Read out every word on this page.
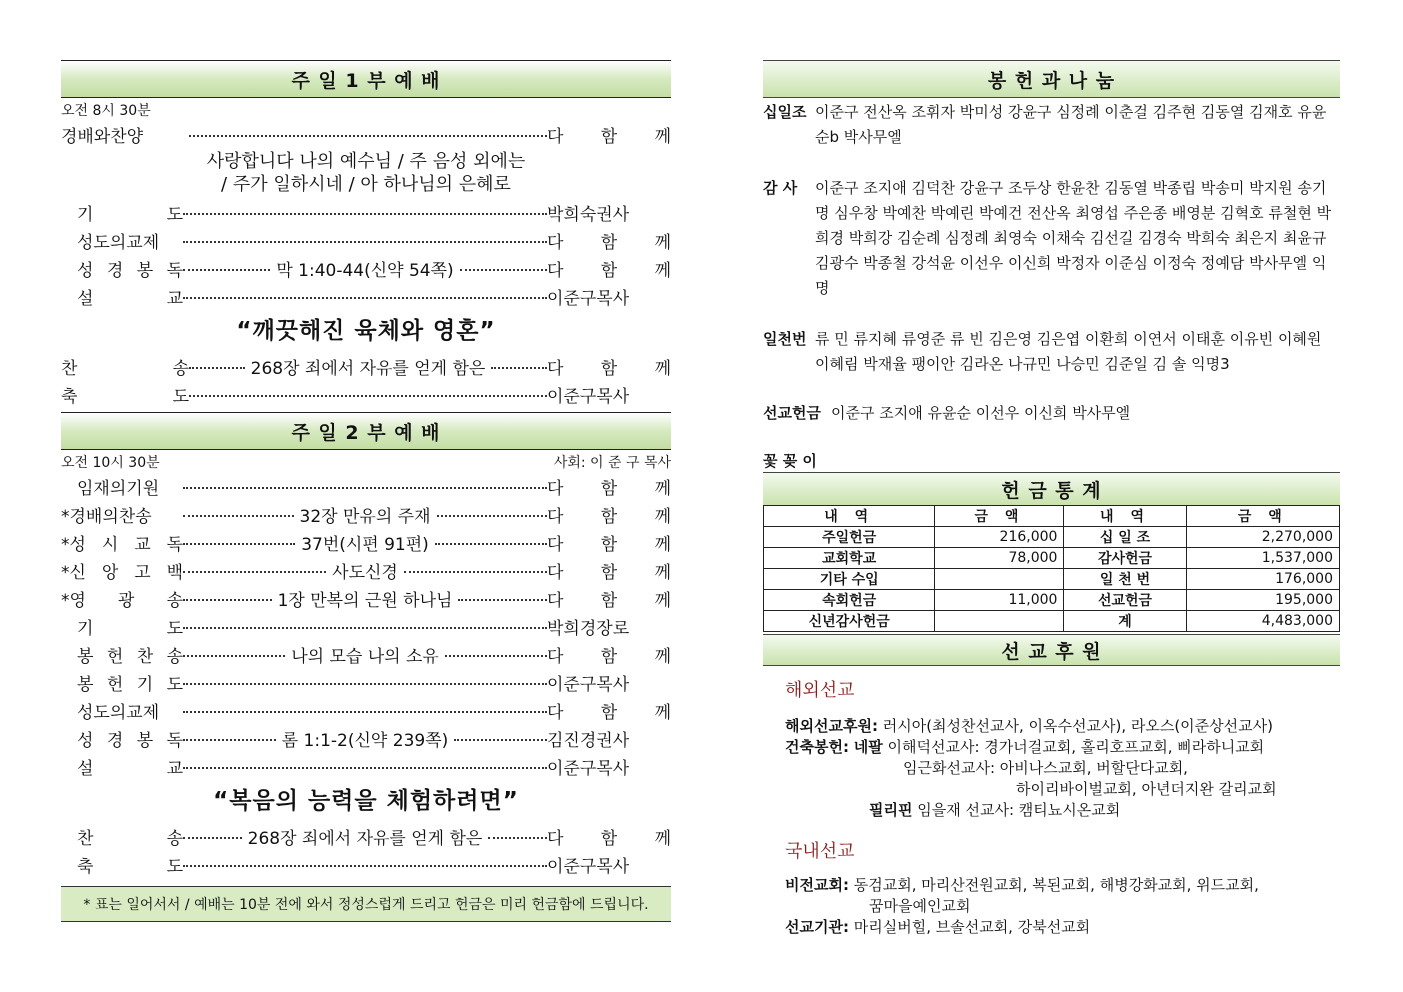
주 일 1 부 예 배
오전 8시 30분
경배와찬양	다 함 께
사랑합니다 나의 예수님 / 주 음성 외에는
/ 주가 일하시네 / 아 하나님의 은혜로
기 도	박희숙권사
성도의교제	다 함 께
성 경 봉 독	막 1:40-44(신약 54쪽)	다 함 께
설 교	이준구목사
“깨끗해진 육체와 영혼”
찬 송	268장 죄에서 자유를 얻게 함은	다 함 께
축 도	이준구목사
주 일 2 부 예 배
오전 10시 30분	사회: 이 준 구 목사
임재의기원	다 함 께
*경배의찬송	32장 만유의 주재	다 함 께
*성 시 교 독	37번(시편 91편)	다 함 께
*신 앙 고 백	사도신경	다 함 께
*영 광 송	1장 만복의 근원 하나님	다 함 께
기 도	박희경장로
봉 헌 찬 송	나의 모습 나의 소유	다 함 께
봉 헌 기 도	이준구목사
성도의교제	다 함 께
성 경 봉 독	롬 1:1-2(신약 239쪽)	김진경권사
설 교	이준구목사
“복음의 능력을 체험하려면”
찬 송	268장 죄에서 자유를 얻게 함은	다 함 께
축 도	이준구목사
* 표는 일어서서 / 예배는 10분 전에 와서 정성스럽게 드리고 헌금은 미리 헌금함에 드립니다.
봉 헌 과 나 눔
십일조 이준구 전산옥 조휘자 박미성 강윤구 심정례 이춘걸 김주현 김동열 김재호 유윤순b 박사무엘
감 사	이준구 조지애 김덕찬 강윤구 조두상 한윤찬 김동열 박종립 박송미 박지원 송기명 심우창 박예찬 박예린 박예건 전산옥 최영섭 주은종 배영분 김혁호 류철현 박희경 박희강 김순례 심정례 최영숙 이채숙 김선길 김경숙 박희숙 최은지 최윤규 김광수 박종철 강석윤 이선우 이신희 박정자 이준심 이정숙 정예담 박사무엘 익명
일천번 류 민 류지혜 류영준 류 빈 김은영 김은엽 이환희 이연서 이태훈 이유빈 이혜원 이혜림 박재율 팽이안 김라온 나규민 나승민 김준일 김 솔 익명3
선교헌금 이준구 조지애 유윤순 이선우 이신희 박사무엘
꽃 꽂 이
헌 금 통 계
내 역	금 액	내 역	금 액
주일헌금	216,000	십 일 조	2,270,000
교회학교	78,000	감사헌금	1,537,000
기타 수입		일 천 번	176,000
속회헌금	11,000	선교헌금	195,000
신년감사헌금		계	4,483,000
선 교 후 원
해외선교
해외선교후원: 러시아(최성찬선교사, 이옥수선교사), 라오스(이준상선교사)
건축봉헌: 네팔 이해덕선교사: 경가너걸교회, 홀리호프교회, 삐라하니교회
임근화선교사: 아비나스교회, 버할단다교회,
하이리바이벌교회, 아년더지완 갈리교회
필리핀 임을재 선교사: 캠티뇨시온교회
국내선교
비전교회: 동검교회, 마리산전원교회, 복된교회, 해병강화교회, 위드교회,
꿈마을예인교회
선교기관: 마리실버힐, 브솔선교회, 강북선교회
